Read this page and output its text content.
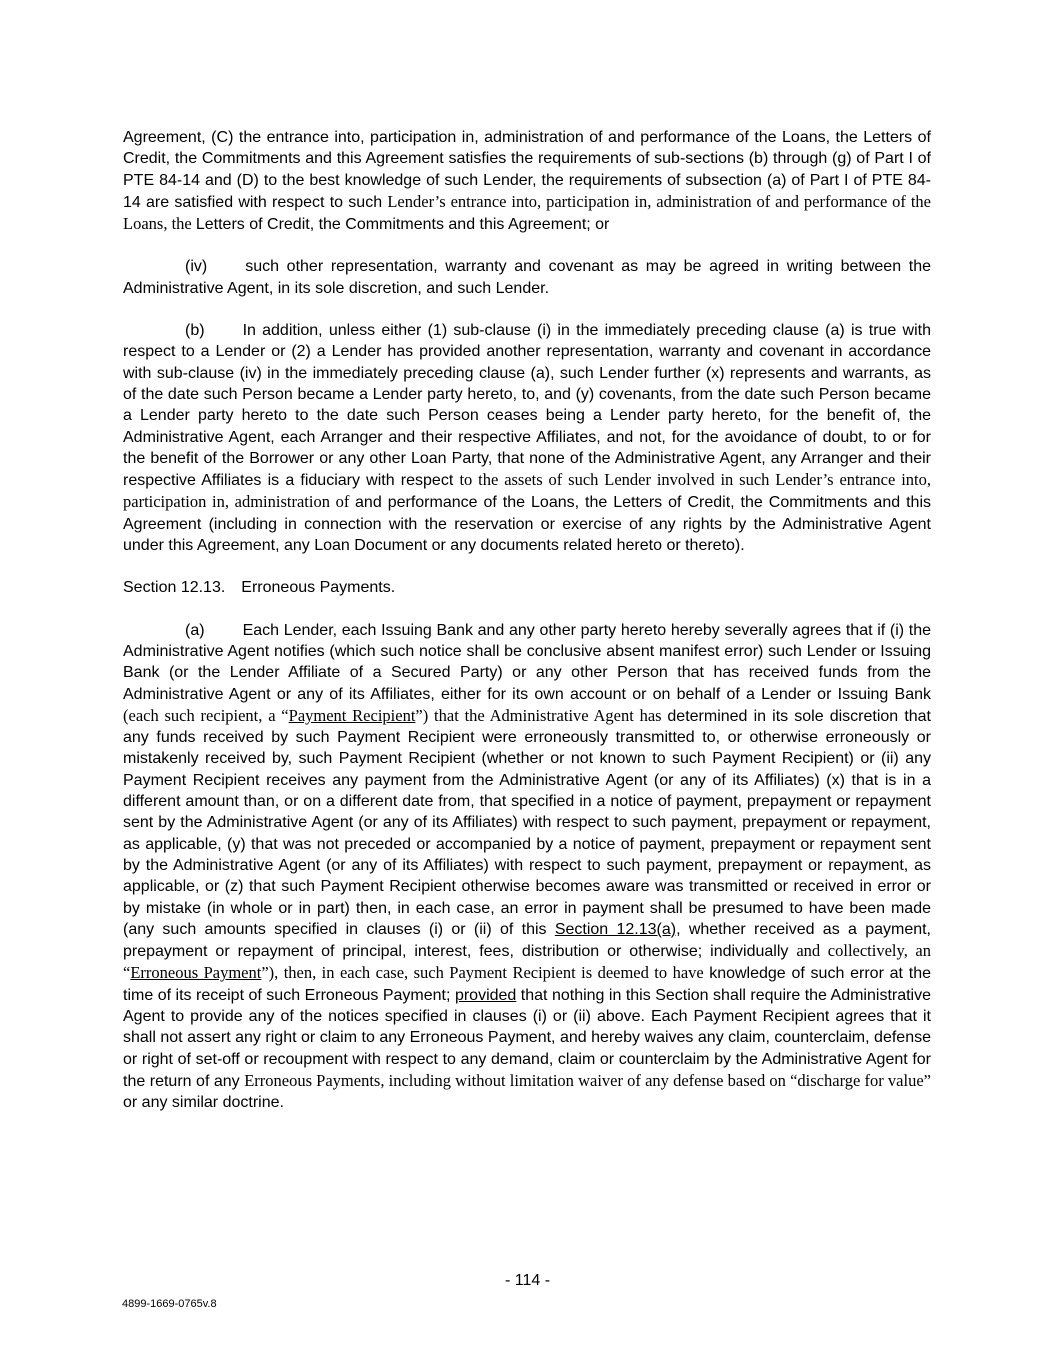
Agreement, (C) the entrance into, participation in, administration of and performance of the Loans, the Letters of Credit, the Commitments and this Agreement satisfies the requirements of sub-sections (b) through (g) of Part I of PTE 84-14 and (D) to the best knowledge of such Lender, the requirements of subsection (a) of Part I of PTE 84-14 are satisfied with respect to such Lender’s entrance into, participation in, administration of and performance of the Loans, the Letters of Credit, the Commitments and this Agreement; or

(iv) such other representation, warranty and covenant as may be agreed in writing between the Administrative Agent, in its sole discretion, and such Lender.

(b) In addition, unless either (1) sub-clause (i) in the immediately preceding clause (a) is true with respect to a Lender or (2) a Lender has provided another representation, warranty and covenant in accordance with sub-clause (iv) in the immediately preceding clause (a), such Lender further (x) represents and warrants, as of the date such Person became a Lender party hereto, to, and (y) covenants, from the date such Person became a Lender party hereto to the date such Person ceases being a Lender party hereto, for the benefit of, the Administrative Agent, each Arranger and their respective Affiliates, and not, for the avoidance of doubt, to or for the benefit of the Borrower or any other Loan Party, that none of the Administrative Agent, any Arranger and their respective Affiliates is a fiduciary with respect to the assets of such Lender involved in such Lender’s entrance into, participation in, administration of and performance of the Loans, the Letters of Credit, the Commitments and this Agreement (including in connection with the reservation or exercise of any rights by the Administrative Agent under this Agreement, any Loan Document or any documents related hereto or thereto).

Section 12.13. Erroneous Payments.

(a) Each Lender, each Issuing Bank and any other party hereto hereby severally agrees that if (i) the Administrative Agent notifies (which such notice shall be conclusive absent manifest error) such Lender or Issuing Bank (or the Lender Affiliate of a Secured Party) or any other Person that has received funds from the Administrative Agent or any of its Affiliates, either for its own account or on behalf of a Lender or Issuing Bank (each such recipient, a “Payment Recipient”) that the Administrative Agent has determined in its sole discretion that any funds received by such Payment Recipient were erroneously transmitted to, or otherwise erroneously or mistakenly received by, such Payment Recipient (whether or not known to such Payment Recipient) or (ii) any Payment Recipient receives any payment from the Administrative Agent (or any of its Affiliates) (x) that is in a different amount than, or on a different date from, that specified in a notice of payment, prepayment or repayment sent by the Administrative Agent (or any of its Affiliates) with respect to such payment, prepayment or repayment, as applicable, (y) that was not preceded or accompanied by a notice of payment, prepayment or repayment sent by the Administrative Agent (or any of its Affiliates) with respect to such payment, prepayment or repayment, as applicable, or (z) that such Payment Recipient otherwise becomes aware was transmitted or received in error or by mistake (in whole or in part) then, in each case, an error in payment shall be presumed to have been made (any such amounts specified in clauses (i) or (ii) of this Section 12.13(a), whether received as a payment, prepayment or repayment of principal, interest, fees, distribution or otherwise; individually and collectively, an “Erroneous Payment”), then, in each case, such Payment Recipient is deemed to have knowledge of such error at the time of its receipt of such Erroneous Payment; provided that nothing in this Section shall require the Administrative Agent to provide any of the notices specified in clauses (i) or (ii) above. Each Payment Recipient agrees that it shall not assert any right or claim to any Erroneous Payment, and hereby waives any claim, counterclaim, defense or right of set-off or recoupment with respect to any demand, claim or counterclaim by the Administrative Agent for the return of any Erroneous Payments, including without limitation waiver of any defense based on “discharge for value” or any similar doctrine.

- 114 -
4899-1669-0765v.8
